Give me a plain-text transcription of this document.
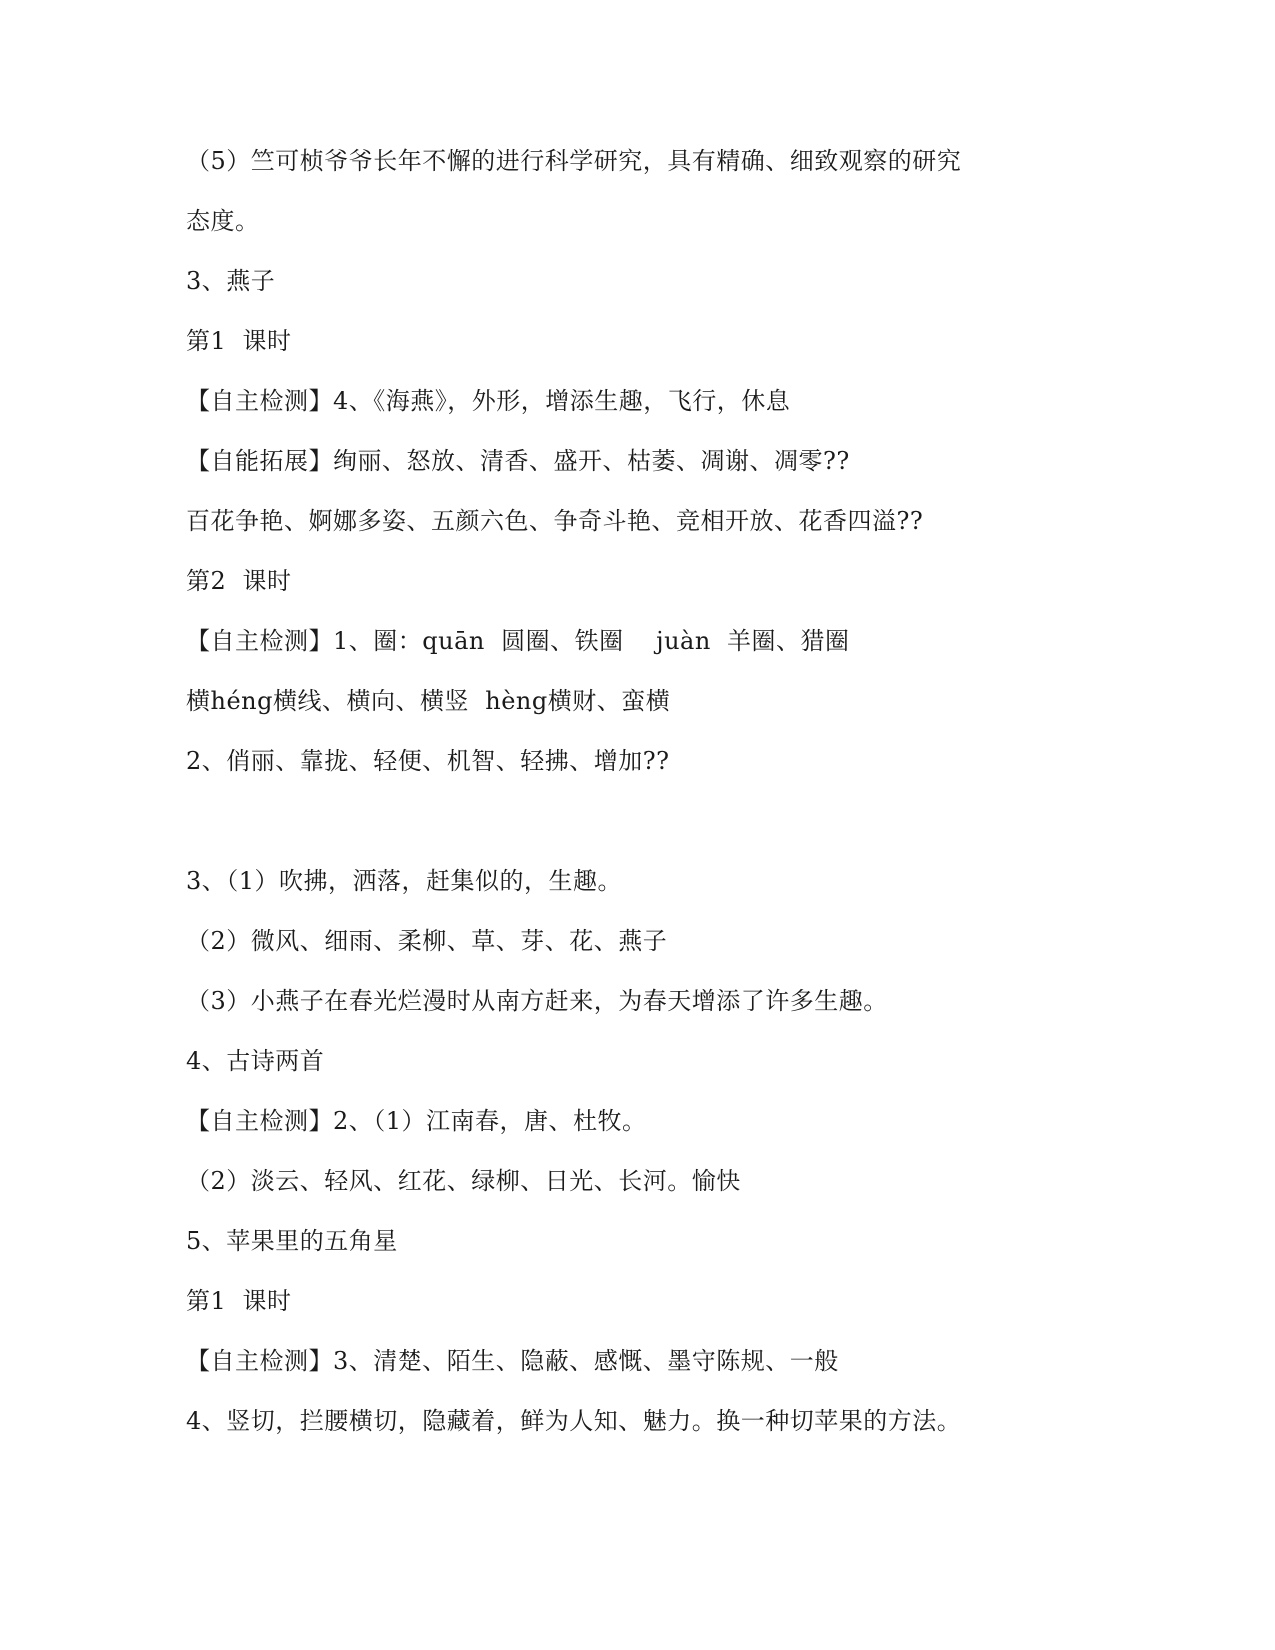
（5）竺可桢爷爷长年不懈的进行科学研究，具有精确、细致观察的研究
态度。
3、燕子
第1  课时
【自主检测】4、《海燕》，外形，增添生趣，飞行，休息
【自能拓展】绚丽、怒放、清香、盛开、枯萎、凋谢、凋零??
百花争艳、婀娜多姿、五颜六色、争奇斗艳、竞相开放、花香四溢??
第2  课时
【自主检测】1、圈：quān  圆圈、铁圈    juàn  羊圈、猎圈
横héng横线、横向、横竖  hèng横财、蛮横
2、俏丽、靠拢、轻便、机智、轻拂、增加??
3、（1）吹拂，洒落，赶集似的，生趣。
（2）微风、细雨、柔柳、草、芽、花、燕子
（3）小燕子在春光烂漫时从南方赶来，为春天增添了许多生趣。
4、古诗两首
【自主检测】2、（1）江南春，唐、杜牧。
（2）淡云、轻风、红花、绿柳、日光、长河。愉快
5、苹果里的五角星
第1  课时
【自主检测】3、清楚、陌生、隐蔽、感慨、墨守陈规、一般
4、竖切，拦腰横切，隐藏着，鲜为人知、魅力。换一种切苹果的方法。
